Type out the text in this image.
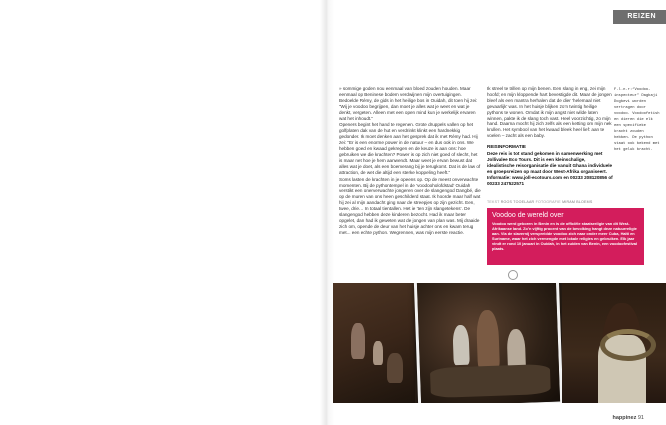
REIZEN

» sommige goden nou eenmaal van bloed zouden houden. Maar eenmaal op Beninese bodem verdwijnen mijn overtuigingen. Bedoelde Rémy, de gids in het heilige bos in Ouidah, dit toen hij zei: “Wij je voodoo begrijpen, dan moet je alles wat je weet en wat je denkt, vergeten. Alleen met een open mind kun je werkelijk ervaren wat het inhoudt.”

Openers begint het hand te regenen. Grote druppels vallen op het golfplaten dak van de hut en verdrinkt klinkt een hardnekkig gedonder. Ik moet denken aan het gesprek dat ik met Rémy had. Hij zei: “Er is een enorme power in de natuur – en dus ook in ons. We hebben goed en kwaad gekregen en de keuze is aan ons: hoe gebruiken we die krachten? Power is op zich niet goed of slecht, het is maar net hoe je hem aanwendt. Maar weet je ervan bewust dat alles wat je doet, als een boemerang bij je terugkomt. Dat is de law of attraction, de wet die altijd een sterke koppeling heeft.”

Soms lasten de krachten in je opeens op. Op de meest onverwachte momenten. Bij de pythontempel in de ‘voodooholofdstad’ Ouidah verstikt een onerverwachte jongeren over de slangengod Dangbé, die op de muren van ons heen geschilderd staat. Ik hoorde maar half wat hij zei al mijn aandacht ging naar de streepjes op zijn gezicht. Een, twee, drie… In totaal tientallen. Het ie ‘ten zijn slangetekens’. De slangengod hebben deze kinderen bezocht. Had ik maar beter opgelet, dan had ik geweten wat de jongen van plan was. Mij draaide zich om, opende de deur van het huisje achter ons en kwam terug met... een echte python. Wegrennen, was mijn eerste reactie.

Ik streel te trillen op mijn benen. Een slang in eng, zei mijn hoofd; en mijn kloppende hart bevestigde dit. Maar de jongen bleef als een mantra herhalen dat de dier ‘helemaal niet gevaarlijk’ was. In het huisje blijken zo’n twintig heilige pythons te wonen. Omdat ik mijn angst niet wilde laten winnen, pakte ik de slang toch vast. Heel voorzichtig, zo mijn hand. Daarna mocht hij zich zelfs als een ketting om mijn nek krullen. Het symbool van het kwaad bleek heel lief: aan te voelen – zacht als een baby.

REISINFORMATIE

Deze reis is tot stand gekomen in samenwerking met Jollivalee Eco Tours. Dit is een kleinschalige, idealistische reisorganisatie die vanuit Ghana individuele en groepsreizen op maat door West-Afrika organiseert. Informatie: www.joll-ecotours.com en 00233 208120856 of 00233 247522571

TEKST ROOS TOOELAAR FOTOGRAFIE MIRAM BLOEMS
Voodoo de wereld over

Voodoo werd geboren in Benin en is de officiële staatsreligie van dit West-Afrikaanse land. Zo’n vijftig procent van de bevolking hangt deze natuurreligie aan. Via de slavernij verspreidde voodoo zich naar onder meer Cuba, Haïti en Suriname, waar het zich vermengde met lokale religies en gebruiken. Elk jaar vindt er rond 10 januari in Ouidah, in het zuiden van Benin, een voodoofestival plaats.

F.l.n.r:“Voodoo-inspecteur” Dagbaji Dogbevi worden vertragen door voodoo. Voodoofetish en dieren die elk een specifieke kracht zouden hebben. De python staat ook bekend met het geluk bracht.
happinez 91
